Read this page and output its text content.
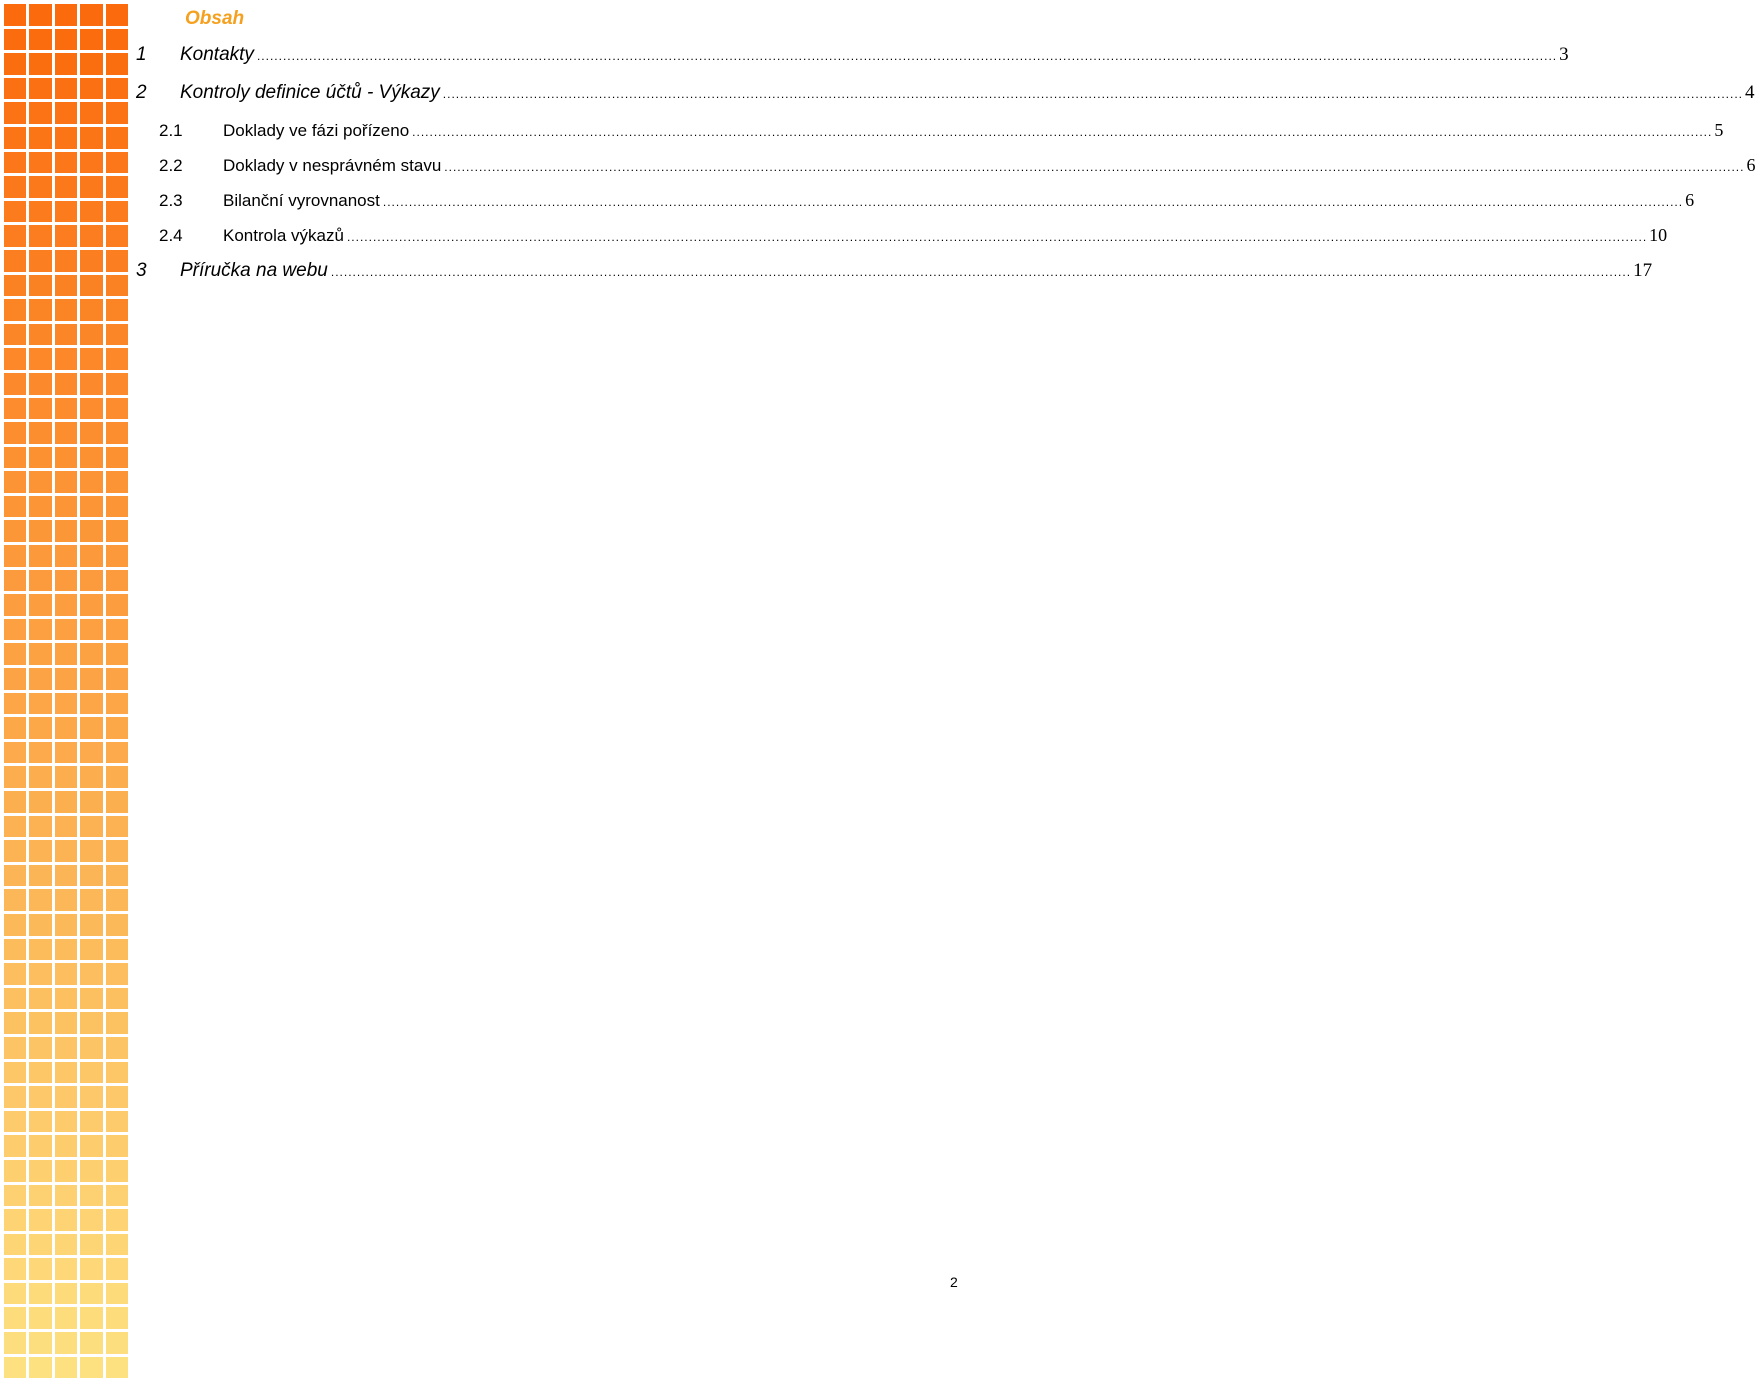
Obsah
1	Kontakty ............................................................................................................................................................................................................................................................................................................ 3
2	Kontroly definice účtů - Výkazy ............................................................................................................................................................................................................................................................................................................ 4
2.1	Doklady ve fázi pořízeno ............................................................................................................................................................................................................................................................................................................ 5
2.2	Doklady v nesprávném stavu ............................................................................................................................................................................................................................................................................................................ 6
2.3	Bilanční vyrovnanost ............................................................................................................................................................................................................................................................................................................ 6
2.4	Kontrola výkazů ............................................................................................................................................................................................................................................................................................................ 10
3	Příručka na webu ............................................................................................................................................................................................................................................................................................................ 17
2
